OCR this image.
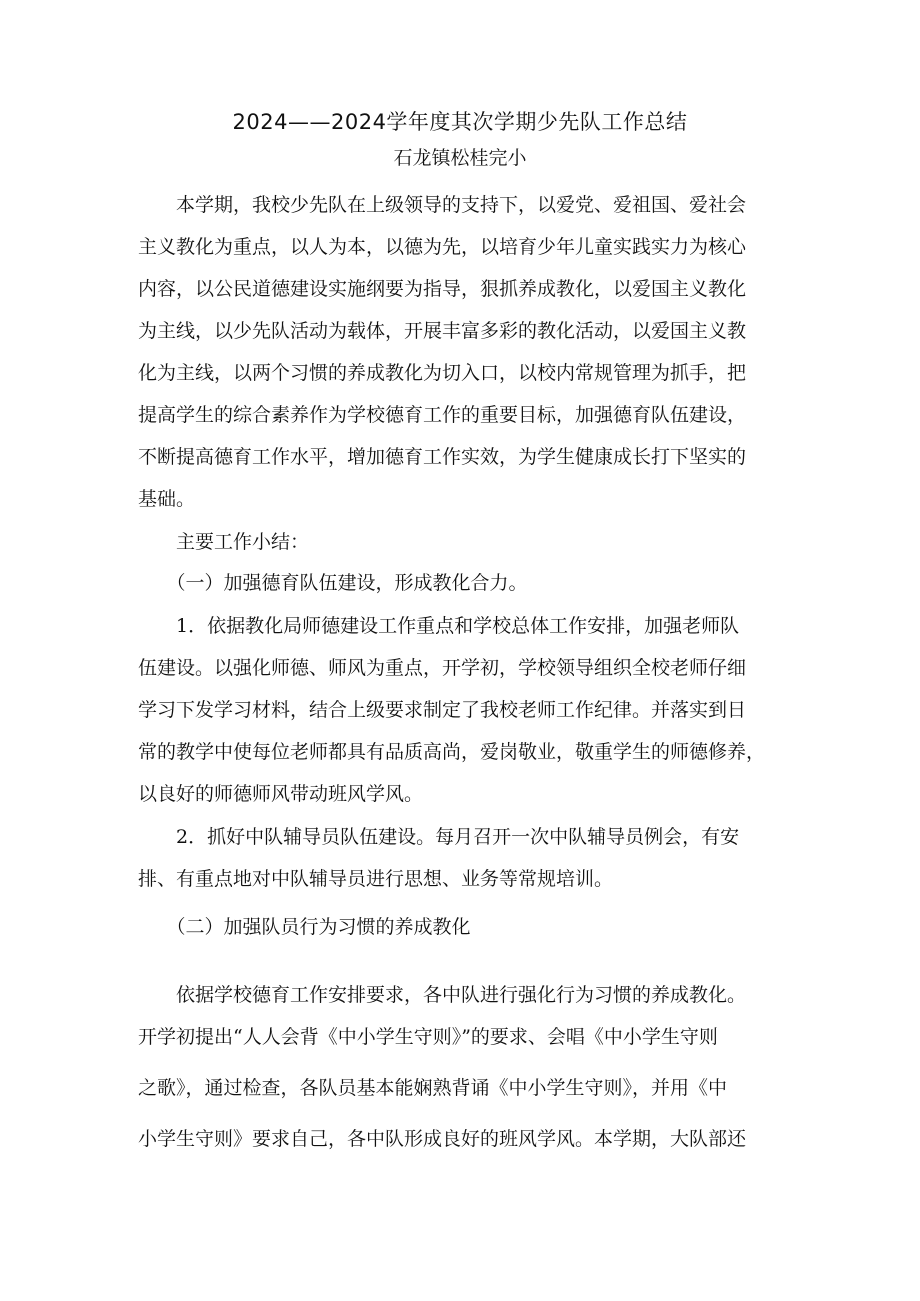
2024——2024学年度其次学期少先队工作总结
石龙镇松桂完小
　　本学期，我校少先队在上级领导的支持下，以爱党、爱祖国、爱社会
主义教化为重点，以人为本，以德为先，以培育少年儿童实践实力为核心
内容，以公民道德建设实施纲要为指导，狠抓养成教化，以爱国主义教化
为主线，以少先队活动为载体，开展丰富多彩的教化活动，以爱国主义教
化为主线，以两个习惯的养成教化为切入口，以校内常规管理为抓手，把
提高学生的综合素养作为学校德育工作的重要目标，加强德育队伍建设，
不断提高德育工作水平，增加德育工作实效，为学生健康成长打下坚实的
基础。
　　主要工作小结：
　　（一）加强德育队伍建设，形成教化合力。
　　1．依据教化局师德建设工作重点和学校总体工作安排，加强老师队
伍建设。以强化师德、师风为重点，开学初，学校领导组织全校老师仔细
学习下发学习材料，结合上级要求制定了我校老师工作纪律。并落实到日
常的教学中使每位老师都具有品质高尚，爱岗敬业，敬重学生的师德修养，
以良好的师德师风带动班风学风。
　　2．抓好中队辅导员队伍建设。每月召开一次中队辅导员例会，有安
排、有重点地对中队辅导员进行思想、业务等常规培训。
　　（二）加强队员行为习惯的养成教化
　　依据学校德育工作安排要求，各中队进行强化行为习惯的养成教化。
开学初提出“人人会背《中小学生守则》”的要求、会唱《中小学生守则
之歌》，通过检查，各队员基本能娴熟背诵《中小学生守则》，并用《中
小学生守则》要求自己，各中队形成良好的班风学风。本学期，大队部还
